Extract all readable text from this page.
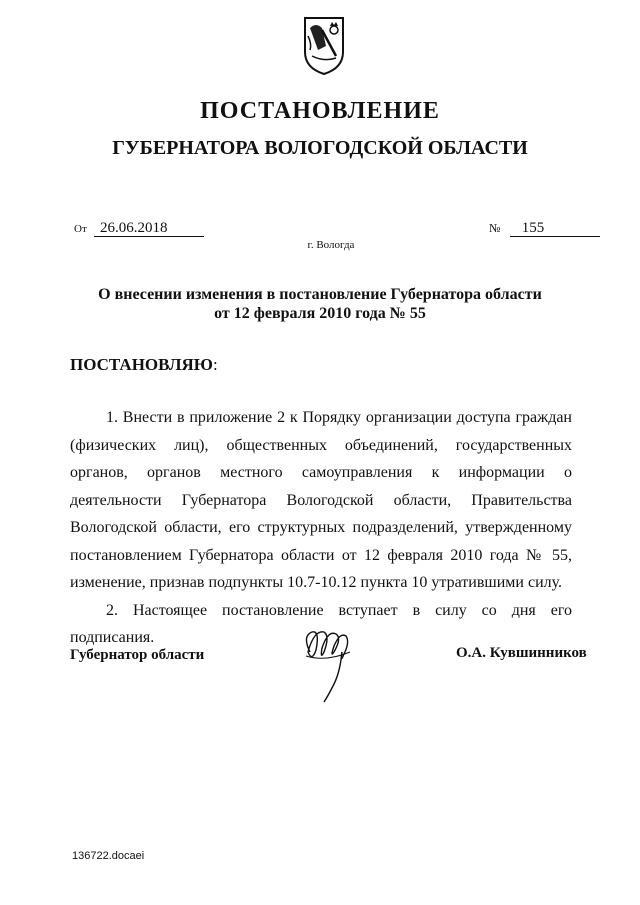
ПОСТАНОВЛЕНИЕ
ГУБЕРНАТОРА ВОЛОГОДСКОЙ ОБЛАСТИ
От 26.06.2018	№ 155
г. Вологда
О внесении изменения в постановление Губернатора области
от 12 февраля 2010 года № 55
ПОСТАНОВЛЯЮ:

1. Внести в приложение 2 к Порядку организации доступа граждан (физических лиц), общественных объединений, государственных органов, органов местного самоуправления к информации о деятельности Губернатора Вологодской области, Правительства Вологодской области, его структурных подразделений, утвержденному постановлением Губернатора области от 12 февраля 2010 года № 55, изменение, признав подпункты 10.7-10.12 пункта 10 утратившими силу.

2. Настоящее постановление вступает в силу со дня его подписания.

Губернатор области	О.А. Кувшинников
136722.docaei
